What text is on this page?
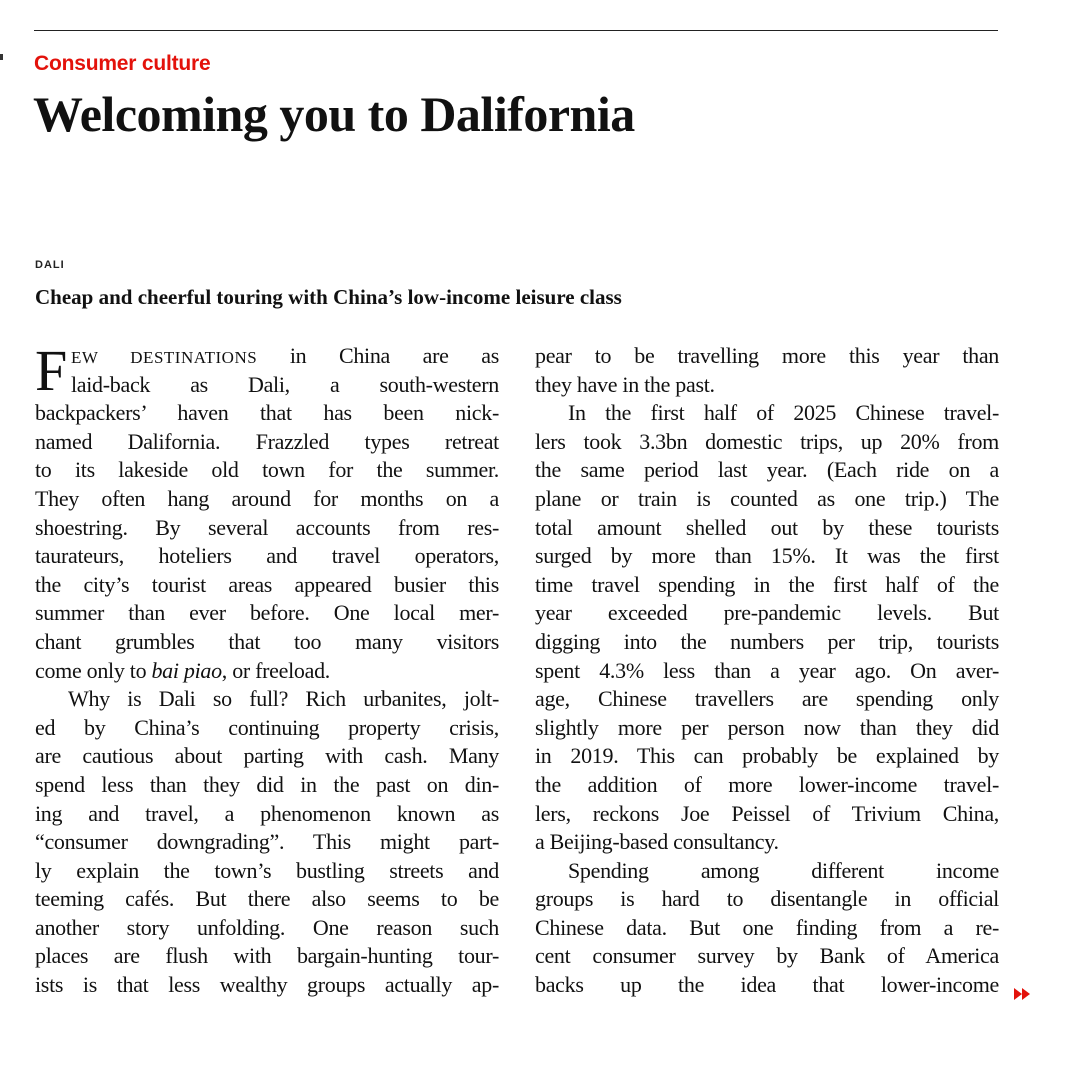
Consumer culture
Welcoming you to Dalifornia
DALI
Cheap and cheerful touring with China’s low-income leisure class
F EW DESTINATIONS in China are as
laid-back as Dali, a south-western
backpackers’ haven that has been nick-
named Dalifornia. Frazzled types retreat
to its lakeside old town for the summer.
They often hang around for months on a
shoestring. By several accounts from res-
taurateurs, hoteliers and travel operators,
the city’s tourist areas appeared busier this
summer than ever before. One local mer-
chant grumbles that too many visitors
come only to bai piao, or freeload.
Why is Dali so full? Rich urbanites, jolt-
ed by China’s continuing property crisis,
are cautious about parting with cash. Many
spend less than they did in the past on din-
ing and travel, a phenomenon known as
“consumer downgrading”. This might part-
ly explain the town’s bustling streets and
teeming cafés. But there also seems to be
another story unfolding. One reason such
places are flush with bargain-hunting tour-
ists is that less wealthy groups actually ap-
pear to be travelling more this year than
they have in the past.
In the first half of 2025 Chinese travel-
lers took 3.3bn domestic trips, up 20% from
the same period last year. (Each ride on a
plane or train is counted as one trip.) The
total amount shelled out by these tourists
surged by more than 15%. It was the first
time travel spending in the first half of the
year exceeded pre-pandemic levels. But
digging into the numbers per trip, tourists
spent 4.3% less than a year ago. On aver-
age, Chinese travellers are spending only
slightly more per person now than they did
in 2019. This can probably be explained by
the addition of more lower-income travel-
lers, reckons Joe Peissel of Trivium China,
a Beijing-based consultancy.
Spending among different income
groups is hard to disentangle in official
Chinese data. But one finding from a re-
cent consumer survey by Bank of America
backs up the idea that lower-income
